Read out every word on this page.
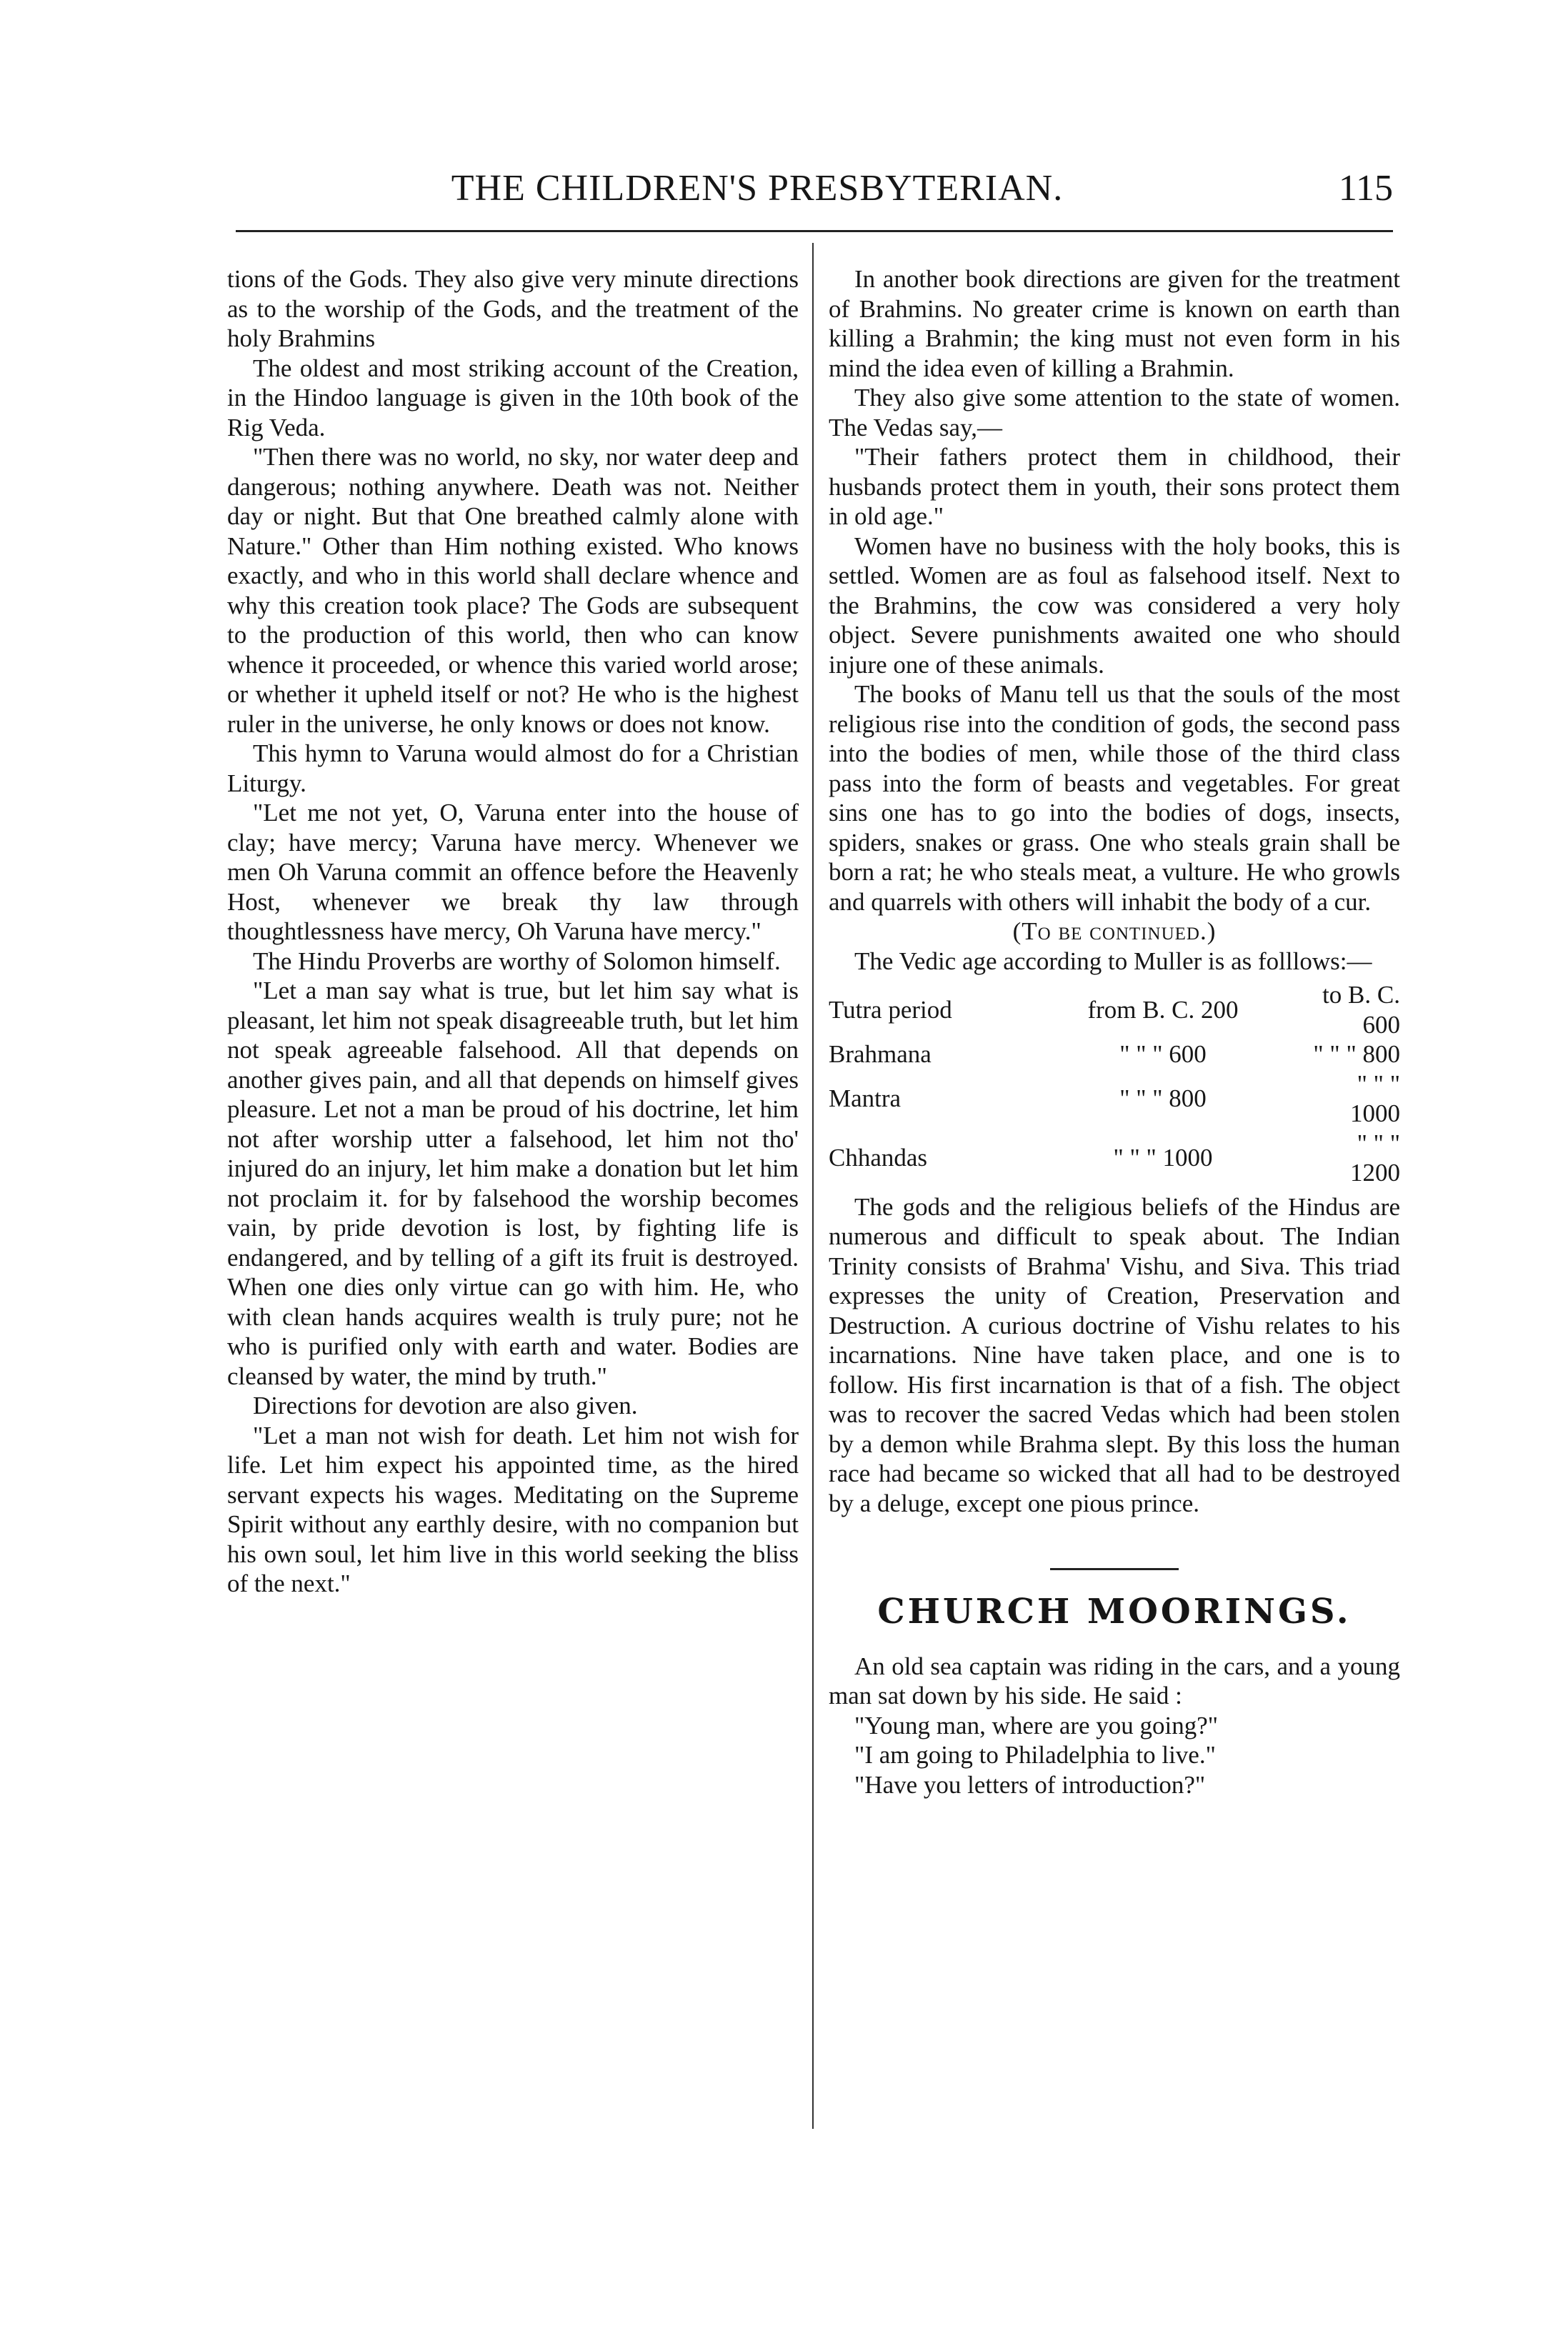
THE CHILDREN'S PRESBYTERIAN.	115

tions of the Gods. They also give very minute directions as to the worship of the Gods, and the treatment of the holy Brahmins

The oldest and most striking account of the Creation, in the Hindoo language is given in the 10th book of the Rig Veda.

"Then there was no world, no sky, nor water deep and dangerous; nothing anywhere. Death was not. Neither day or night. But that One breathed calmly alone with Nature." Other than Him nothing existed. Who knows exactly, and who in this world shall declare whence and why this creation took place? The Gods are subsequent to the production of this world, then who can know whence it proceeded, or whence this varied world arose; or whether it upheld itself or not? He who is the highest ruler in the universe, he only knows or does not know.

This hymn to Varuna would almost do for a Christian Liturgy.

"Let me not yet, O, Varuna enter into the house of clay; have mercy; Varuna have mercy. Whenever we men Oh Varuna commit an offence before the Heavenly Host, whenever we break thy law through thoughtlessness have mercy, Oh Varuna have mercy."

The Hindu Proverbs are worthy of Solomon himself.

"Let a man say what is true, but let him say what is pleasant, let him not speak disagreeable truth, but let him not speak agreeable falsehood. All that depends on another gives pain, and all that depends on himself gives pleasure. Let not a man be proud of his doctrine, let him not after worship utter a falsehood, let him not tho' injured do an injury, let him make a donation but let him not proclaim it. for by falsehood the worship becomes vain, by pride devotion is lost, by fighting life is endangered, and by telling of a gift its fruit is destroyed. When one dies only virtue can go with him. He, who with clean hands acquires wealth is truly pure; not he who is purified only with earth and water. Bodies are cleansed by water, the mind by truth."

Directions for devotion are also given.

"Let a man not wish for death. Let him not wish for life. Let him expect his appointed time, as the hired servant expects his wages. Meditating on the Supreme Spirit without any earthly desire, with no companion but his own soul, let him live in this world seeking the bliss of the next."

In another book directions are given for the treatment of Brahmins. No greater crime is known on earth than killing a Brahmin; the king must not even form in his mind the idea even of killing a Brahmin.

They also give some attention to the state of women. The Vedas say,—

"Their fathers protect them in childhood, their husbands protect them in youth, their sons protect them in old age."

Women have no business with the holy books, this is settled. Women are as foul as falsehood itself. Next to the Brahmins, the cow was considered a very holy object. Severe punishments awaited one who should injure one of these animals.

The books of Manu tell us that the souls of the most religious rise into the condition of gods, the second pass into the bodies of men, while those of the third class pass into the form of beasts and vegetables. For great sins one has to go into the bodies of dogs, insects, spiders, snakes or grass. One who steals grain shall be born a rat; he who steals meat, a vulture. He who growls and quarrels with others will inhabit the body of a cur.

(To be continued.)

The Vedic age according to Muller is as folllows:—

Tutra period	from B. C. 200	to B. C. 600
Brahmana	" " " 600	" " " 800
Mantra	" " " 800	" " " 1000
Chhandas	" " " 1000	" " " 1200

The gods and the religious beliefs of the Hindus are numerous and difficult to speak about. The Indian Trinity consists of Brahma' Vishu, and Siva. This triad expresses the unity of Creation, Preservation and Destruction. A curious doctrine of Vishu relates to his incarnations. Nine have taken place, and one is to follow. His first incarnation is that of a fish. The object was to recover the sacred Vedas which had been stolen by a demon while Brahma slept. By this loss the human race had became so wicked that all had to be destroyed by a deluge, except one pious prince.

CHURCH MOORINGS.

An old sea captain was riding in the cars, and a young man sat down by his side. He said :

"Young man, where are you going?"

"I am going to Philadelphia to live."

"Have you letters of introduction?"
